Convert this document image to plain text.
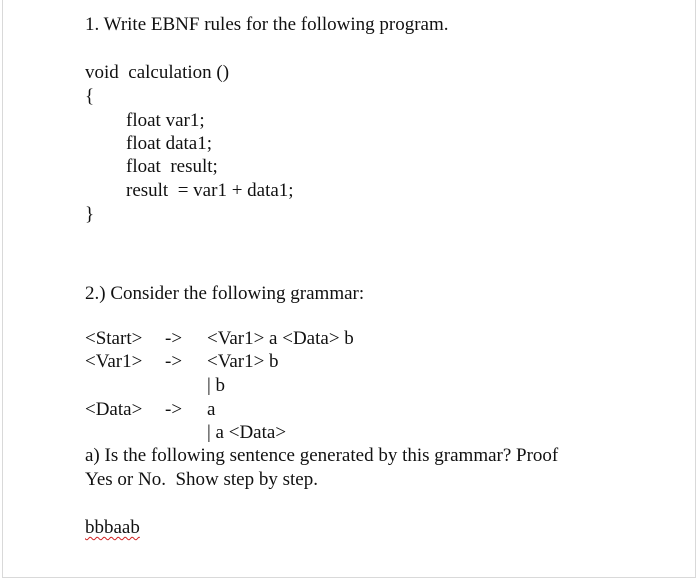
1. Write EBNF rules for the following program.
void  calculation ()
{
float var1;
float data1;
float  result;
result  = var1 + data1;
}
2.) Consider the following grammar:
<Start> -> <Var1> a <Data> b
<Var1> -> <Var1> b
| b
<Data> -> a
| a <Data>
a) Is the following sentence generated by this grammar? Proof
Yes or No.  Show step by step.
bbbaab
